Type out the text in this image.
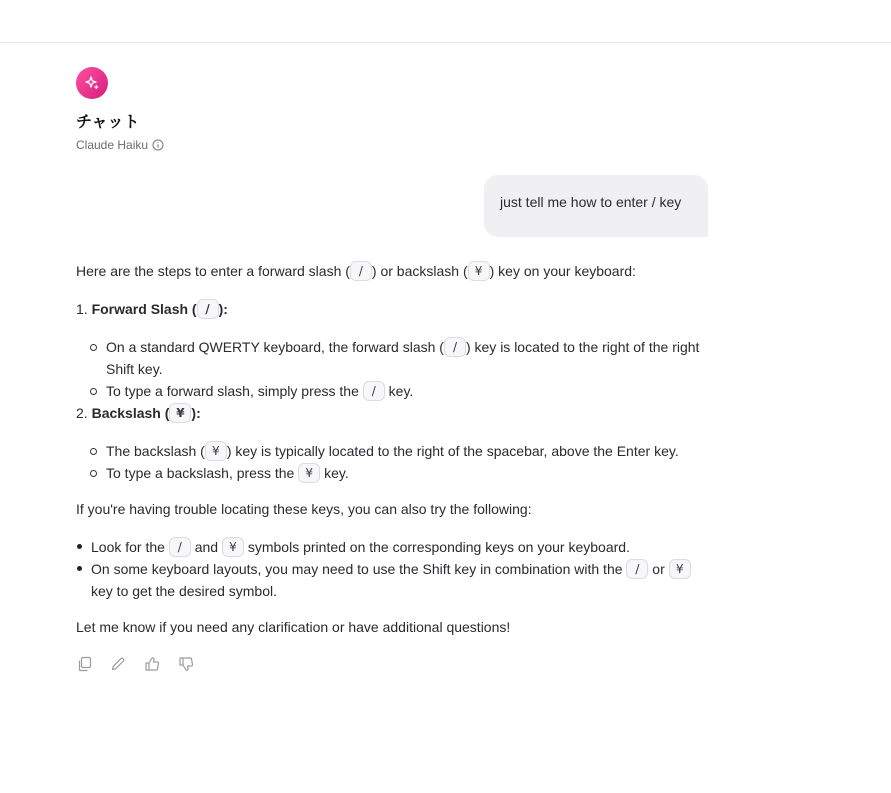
チャット
Claude Haiku
just tell me how to enter / key

Here are the steps to enter a forward slash ( / ) or backslash ( ¥ ) key on your keyboard:

1. Forward Slash ( / ):

On a standard QWERTY keyboard, the forward slash ( / ) key is located to the right of the right Shift key.
To type a forward slash, simply press the / key.

2. Backslash ( ¥ ):

The backslash ( ¥ ) key is typically located to the right of the spacebar, above the Enter key.
To type a backslash, press the ¥ key.

If you're having trouble locating these keys, you can also try the following:

Look for the / and ¥ symbols printed on the corresponding keys on your keyboard.
On some keyboard layouts, you may need to use the Shift key in combination with the / or ¥ key to get the desired symbol.

Let me know if you need any clarification or have additional questions!
